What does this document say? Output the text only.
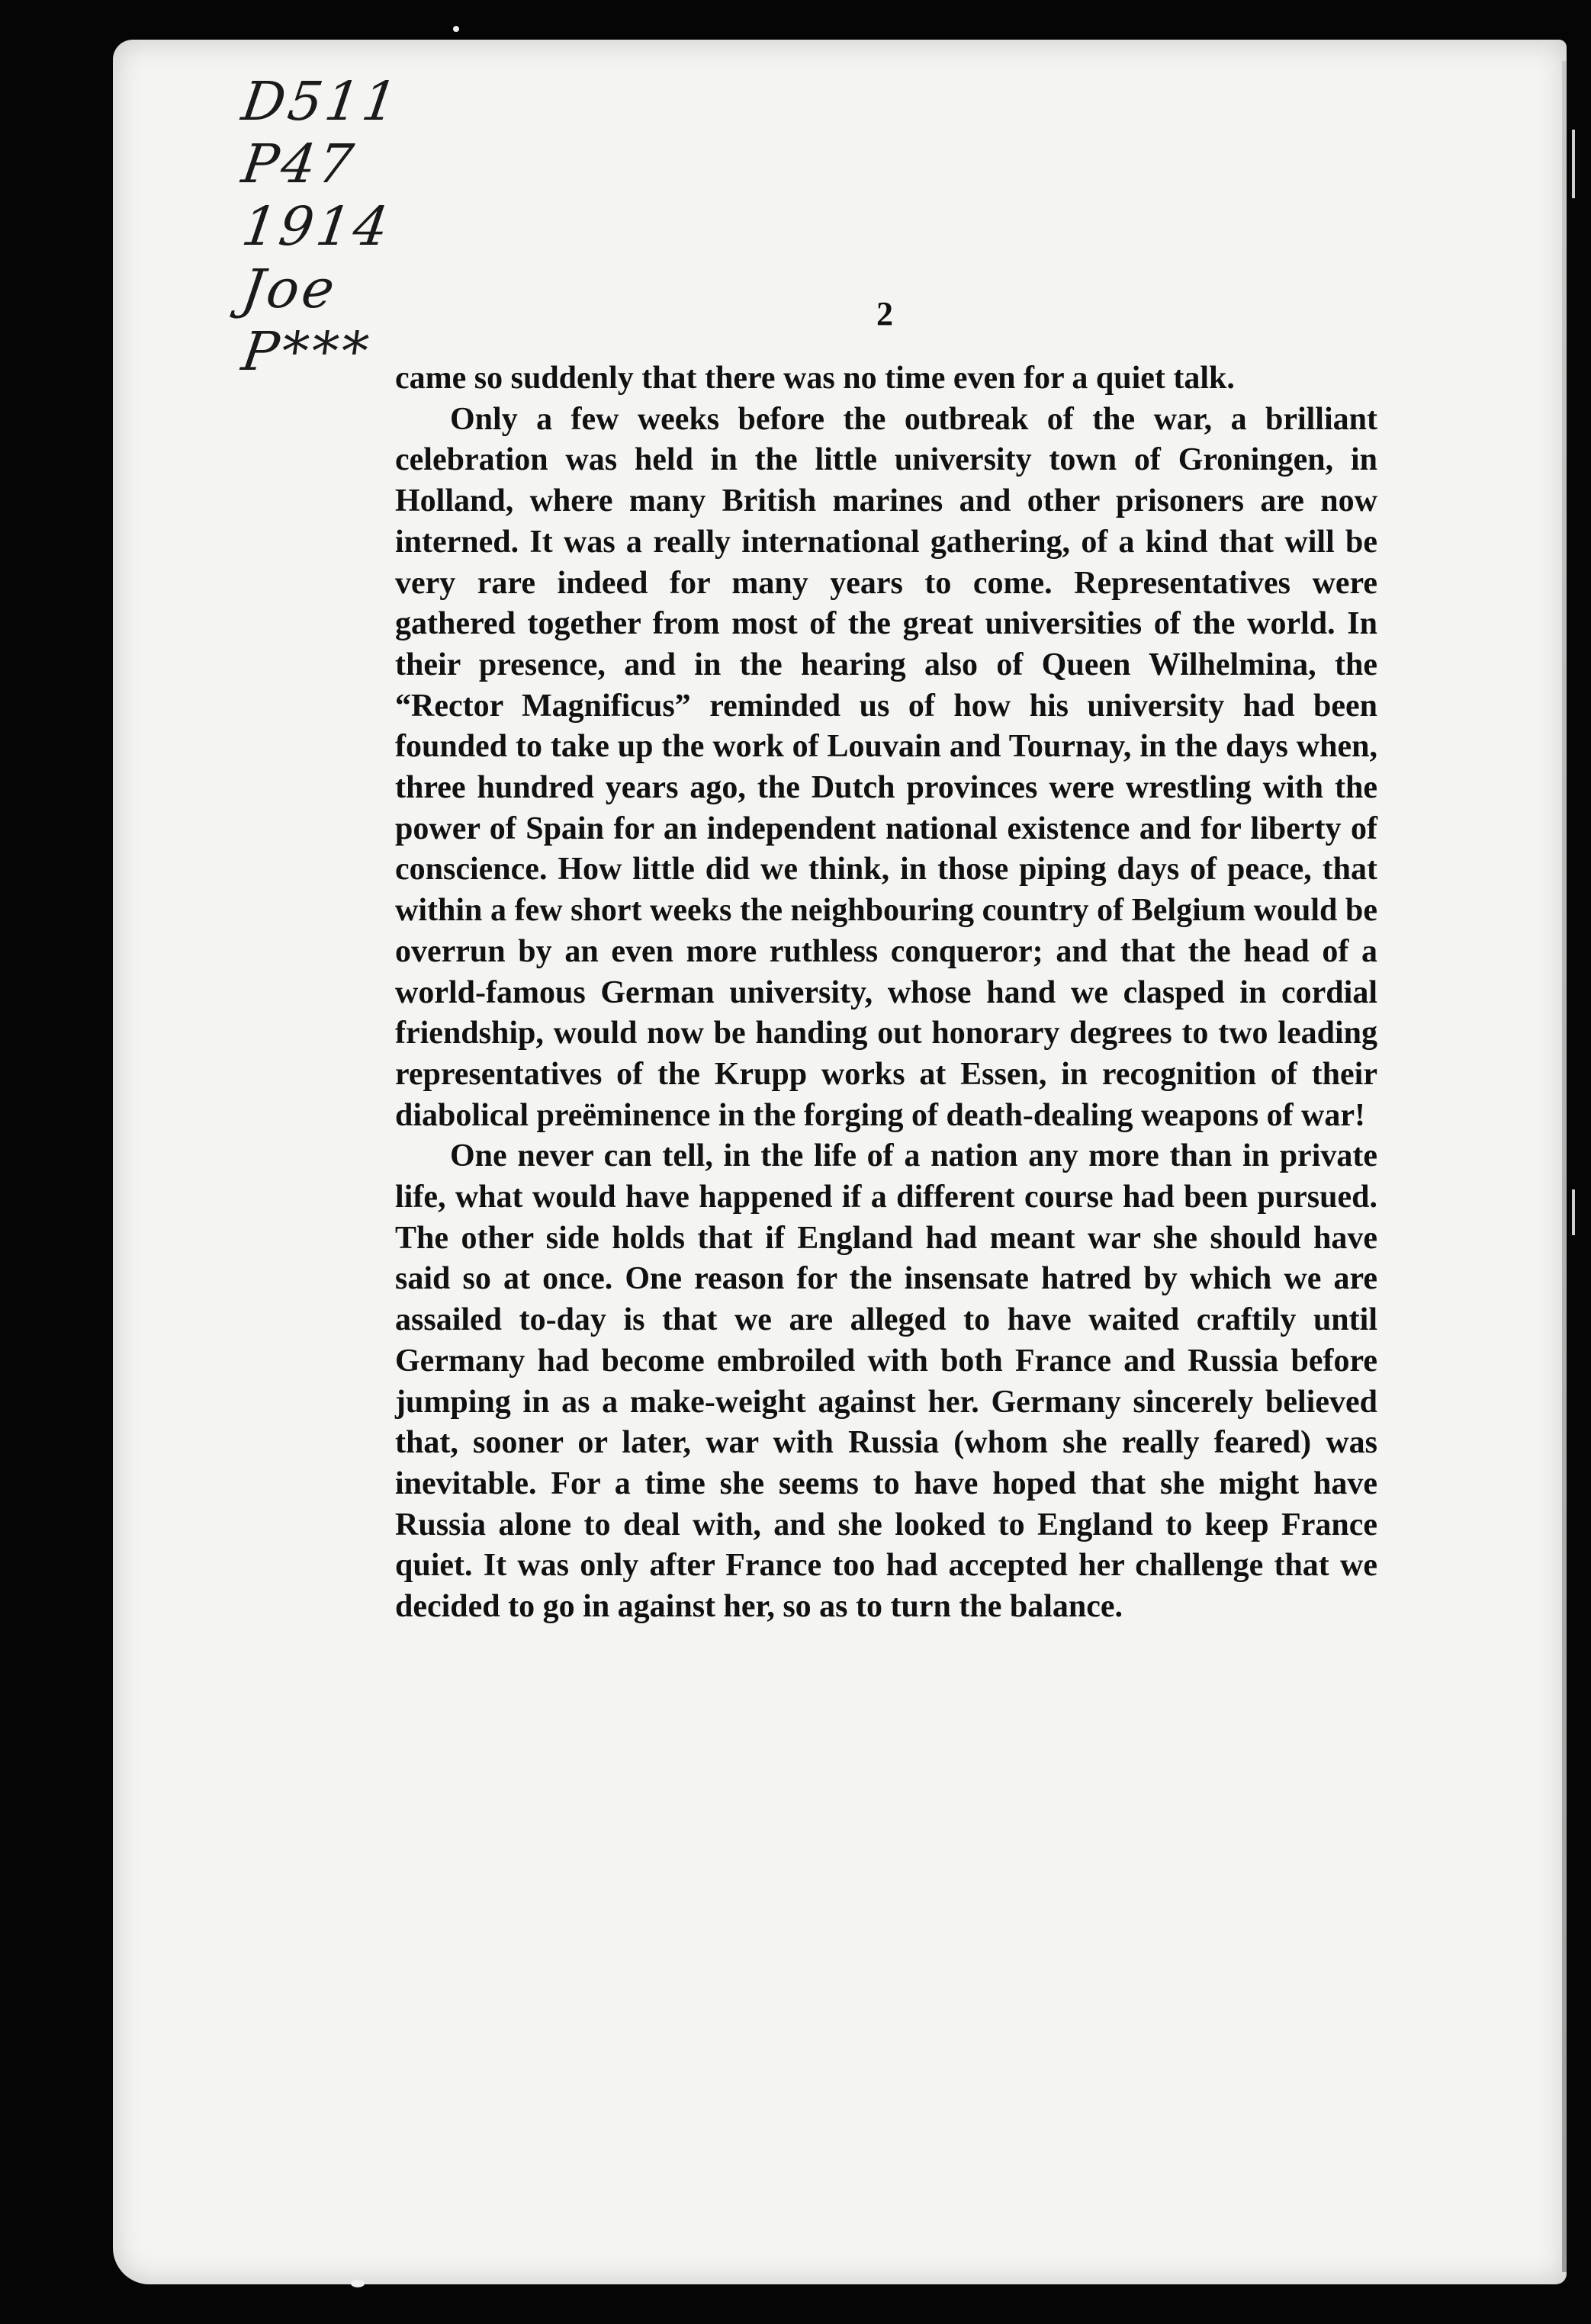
D511
P47
1914
Joe
P***
2

came so suddenly that there was no time even for a quiet talk.

Only a few weeks before the outbreak of the war, a brilliant celebration was held in the little university town of Groningen, in Holland, where many British marines and other prisoners are now interned. It was a really international gathering, of a kind that will be very rare indeed for many years to come. Representatives were gathered together from most of the great universities of the world. In their presence, and in the hearing also of Queen Wilhelmina, the “Rector Magnificus” reminded us of how his university had been founded to take up the work of Louvain and Tournay, in the days when, three hundred years ago, the Dutch provinces were wrestling with the power of Spain for an independent national existence and for liberty of conscience. How little did we think, in those piping days of peace, that within a few short weeks the neighbouring country of Belgium would be overrun by an even more ruthless conqueror; and that the head of a world-famous German university, whose hand we clasped in cordial friendship, would now be handing out honorary degrees to two leading representatives of the Krupp works at Essen, in recognition of their diabolical preëminence in the forging of death-dealing weapons of war!

One never can tell, in the life of a nation any more than in private life, what would have happened if a different course had been pursued. The other side holds that if England had meant war she should have said so at once. One reason for the insensate hatred by which we are assailed to-day is that we are alleged to have waited craftily until Germany had become embroiled with both France and Russia before jumping in as a make-weight against her. Germany sincerely believed that, sooner or later, war with Russia (whom she really feared) was inevitable. For a time she seems to have hoped that she might have Russia alone to deal with, and she looked to England to keep France quiet. It was only after France too had accepted her challenge that we decided to go in against her, so as to turn the balance.
